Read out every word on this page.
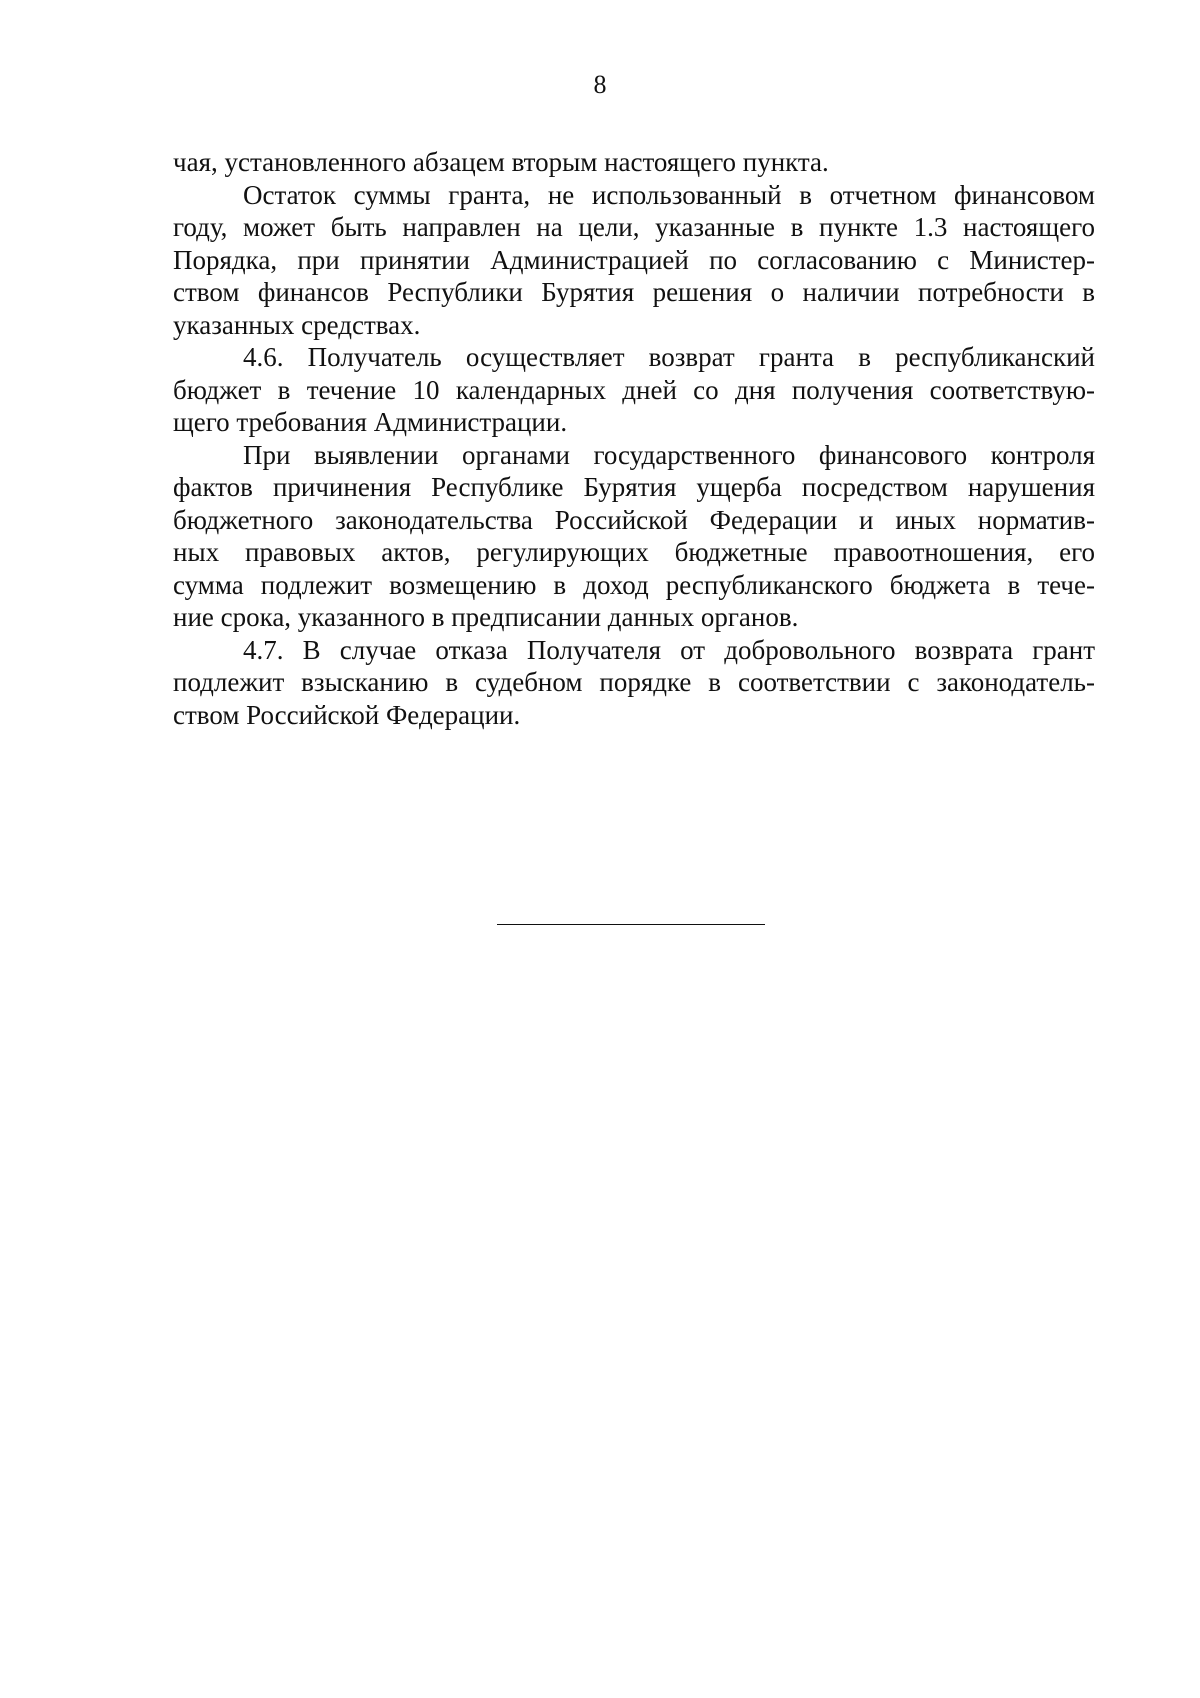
8
чая, установленного абзацем вторым настоящего пункта.
Остаток суммы гранта, не использованный в отчетном финансовом
году, может быть направлен на цели, указанные в пункте 1.3 настоящего
Порядка, при принятии Администрацией по согласованию с Министер-
ством финансов Республики Бурятия решения о наличии потребности в
указанных средствах.
4.6. Получатель осуществляет возврат гранта в республиканский
бюджет в течение 10 календарных дней со дня получения соответствую-
щего требования Администрации.
При выявлении органами государственного финансового контроля
фактов причинения Республике Бурятия ущерба посредством нарушения
бюджетного законодательства Российской Федерации и иных норматив-
ных правовых актов, регулирующих бюджетные правоотношения, его
сумма подлежит возмещению в доход республиканского бюджета в тече-
ние срока, указанного в предписании данных органов.
4.7. В случае отказа Получателя от добровольного возврата грант
подлежит взысканию в судебном порядке в соответствии с законодатель-
ством Российской Федерации.
